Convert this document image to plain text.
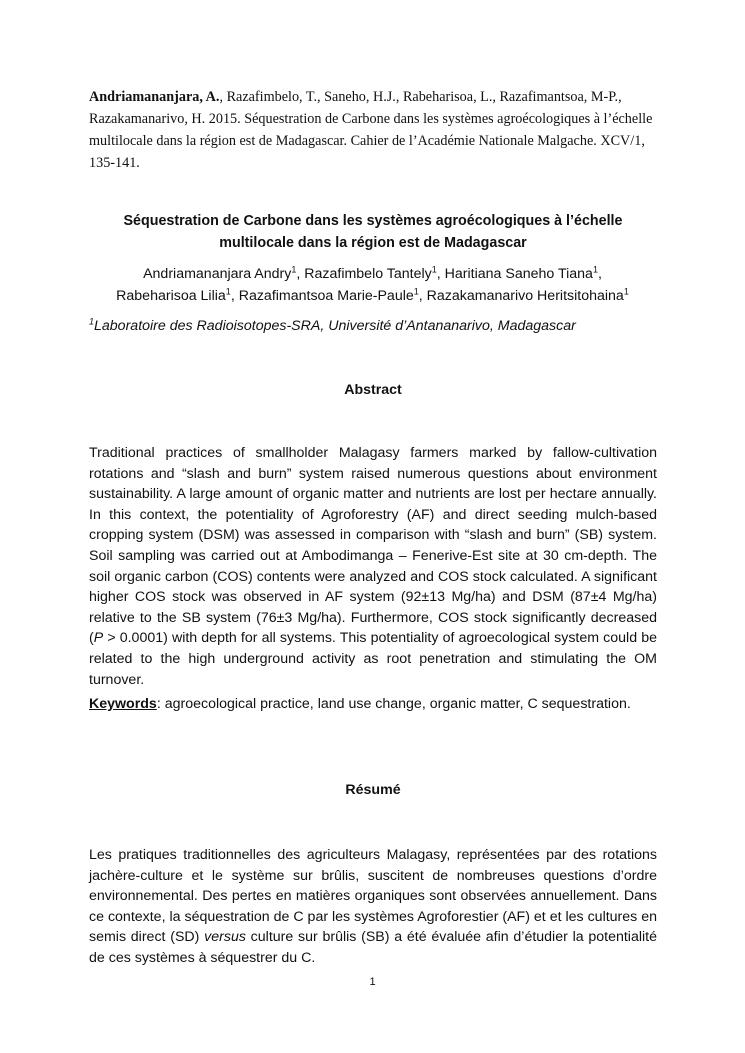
Andriamananjara, A., Razafimbelo, T., Saneho, H.J., Rabeharisoa, L., Razafimantsoa, M-P., Razakamanarivo, H. 2015. Séquestration de Carbone dans les systèmes agroécologiques à l’échelle multilocale dans la région est de Madagascar. Cahier de l’Académie Nationale Malgache. XCV/1, 135-141.
Séquestration de Carbone dans les systèmes agroécologiques à l’échelle
multilocale dans la région est de Madagascar
Andriamananjara Andry$^1$, Razafimbelo Tantely$^1$, Haritiana Saneho Tiana$^1$,
Rabeharisoa Lilia$^1$, Razafimantsoa Marie-Paule$^1$, Razakamanarivo Heritsitohaina$^1$
$^1$Laboratoire des Radioisotopes-SRA, Université d’Antananarivo, Madagascar
Abstract
Traditional practices of smallholder Malagasy farmers marked by fallow-cultivation rotations and “slash and burn” system raised numerous questions about environment sustainability. A large amount of organic matter and nutrients are lost per hectare annually. In this context, the potentiality of Agroforestry (AF) and direct seeding mulch-based cropping system (DSM) was assessed in comparison with “slash and burn” (SB) system. Soil sampling was carried out at Ambodimanga – Fenerive-Est site at 30 cm-depth. The soil organic carbon (COS) contents were analyzed and COS stock calculated. A significant higher COS stock was observed in AF system (92±13 Mg/ha) and DSM (87±4 Mg/ha) relative to the SB system (76±3 Mg/ha). Furthermore, COS stock significantly decreased (P > 0.0001) with depth for all systems. This potentiality of agroecological system could be related to the high underground activity as root penetration and stimulating the OM turnover.
Keywords: agroecological practice, land use change, organic matter, C sequestration.
Résumé
Les pratiques traditionnelles des agriculteurs Malagasy, représentées par des rotations jachère-culture et le système sur brûlis, suscitent de nombreuses questions d’ordre environnemental. Des pertes en matières organiques sont observées annuellement. Dans ce contexte, la séquestration de C par les systèmes Agroforestier (AF) et et les cultures en semis direct (SD) versus culture sur brûlis (SB) a été évaluée afin d’étudier la potentialité de ces systèmes à séquestrer du C.
1
